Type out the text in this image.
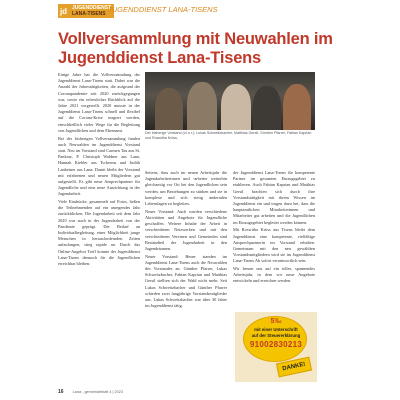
jd JUGENDDIENST
LANA-TISENS JUGENDDIENST LANA-TISENS
Vollversammlung mit Neuwahlen im Jugenddienst Lana-Tisens

Einige Jahre hat die Vollversammlung der Jugenddienst Lana-Tisens statt. Dabei war die Anzahl der Jahrestätigkeiten, die aufgrund der Coronapandemie seit 2020 zurückgegangen war, sowie ein erfreulicher Rückblick auf die Jahre 2021 vorgestellt. 2020 musste in der Jugenddienst Lana-Tisens schnell und flexibel auf die Corona-Krise reagiert werden, einschließlich vieler Wege für die Begleitung von Jugendlichen und dem Ehrenamt.

Bei der bisherigen Vollversammlung fanden auch Neuwahlen im Jugenddienst Vorstand statt. Neu im Vorstand sind Carmen Tau aus St. Pankraz, P. Christoph Waldner aus Lana, Hannah Kiebler aus Tscherms und Judith Lanbeiner aus Lana. Damit bleibt der Vorstand mit erfahrenen und neuen Mitgliedern gut aufgestellt. Es gibt neue Ansprechpartner für Jugendliche und eine neue Ausrichtung in der Jugendarbeit.

Viele Eindrücke, gesammelt auf Fotos, ließen die Teilnehmenden auf ein anregendes Jahr zurückblicken. Die Jugendarbeit seit dem Jahr 2020 war auch in der Jugendarbeit von der Pandemie geprägt. Der Bedarf an Individualbegleitung, einer Möglichkeit junge Menschen in herausfordernden Zeiten aufzufangen, stieg rapide an. Durch das Online-Angebot Treff konnte der Jugenddienst Lana-Tisens dennoch für die Jugendlichen erreichbar bleiben.

Der bisherige Vorstand (v.l.n.r.): Lukas Schweitzbacher, Matthias Gerstl, Günther Pfarrer, Fabian Kaprian und Roswitha Kröss.

Seitens, dass auch im neuen Arbeitsjahr die Jugendarbeiterinnen und -arbeiter weiterhin gleichzeitig vor Ort bei den Jugendlichen sein werden, um Beziehungen zu stärken und sie in komplexe und sich stetig ändernden Lebenslagen zu begleiten.

Neuer Vorstand: Auch wurden verschiedene Aktivitäten und Angebote für Jugendliche geschaffen. Weitere Inhalte der Arbeit in verschiedenen Netzwerken und mit den verschiedenen Vereinen und Gemeinden sind Bestandteil der Jugendarbeit in den Jugendräumen.

Neuer Vorstand: Heuer standen im Jugenddienst Lana-Tisens auch die Neuwahlen des Vorstandes an. Günther Pfarrer, Lukas Schweitzbacher, Fabian Kaprian und Matthias Gerstl stellten sich der Wahl nicht mehr. Seit Lukas Schweitzbacher und Günther Pfarrer schieden zwei langjährige Vorstandsmitglieder aus. Lukas Schweitzbacher war über 30 Jahre im Jugenddienst tätig.

der Jugenddienst Lana-Tisens für kompetente Partner im gesamten Einzugsgebiet zu etablieren. Auch Fabian Kaprian und Matthias Gerstl brachten sich durch ihre Vorstandstätigkeit mit ihrem Wissen im Jugenddienst ein und trugen dazu bei, dass die hauptamtlichen Mitarbeiterinnen und Mitarbeiter gut arbeiten und die Jugendlichen im Einzugsgebiet begleitet werden können.

Mit Roswitha Kröss aus Tisens bleibt dem Jugenddienst eine kompetente, vielfältige Ansprechpartnerin im Vorstand erhalten. Gemeinsam mit den neu gewählten Vorstandsmitgliedern wird sie im Jugenddienst Lana-Tisens Ab sofort verantwortlich sein.

Wir freuen uns auf ein tolles, spannendes Arbeitsjahr, in dem wir neue Angebote entwickeln und erreichen werden.

5‰
mit einer Unterschrift
auf der Steuererklärung
91002830213
DANKE!
16 Lana - gemeindeblatt 4 | 2023
